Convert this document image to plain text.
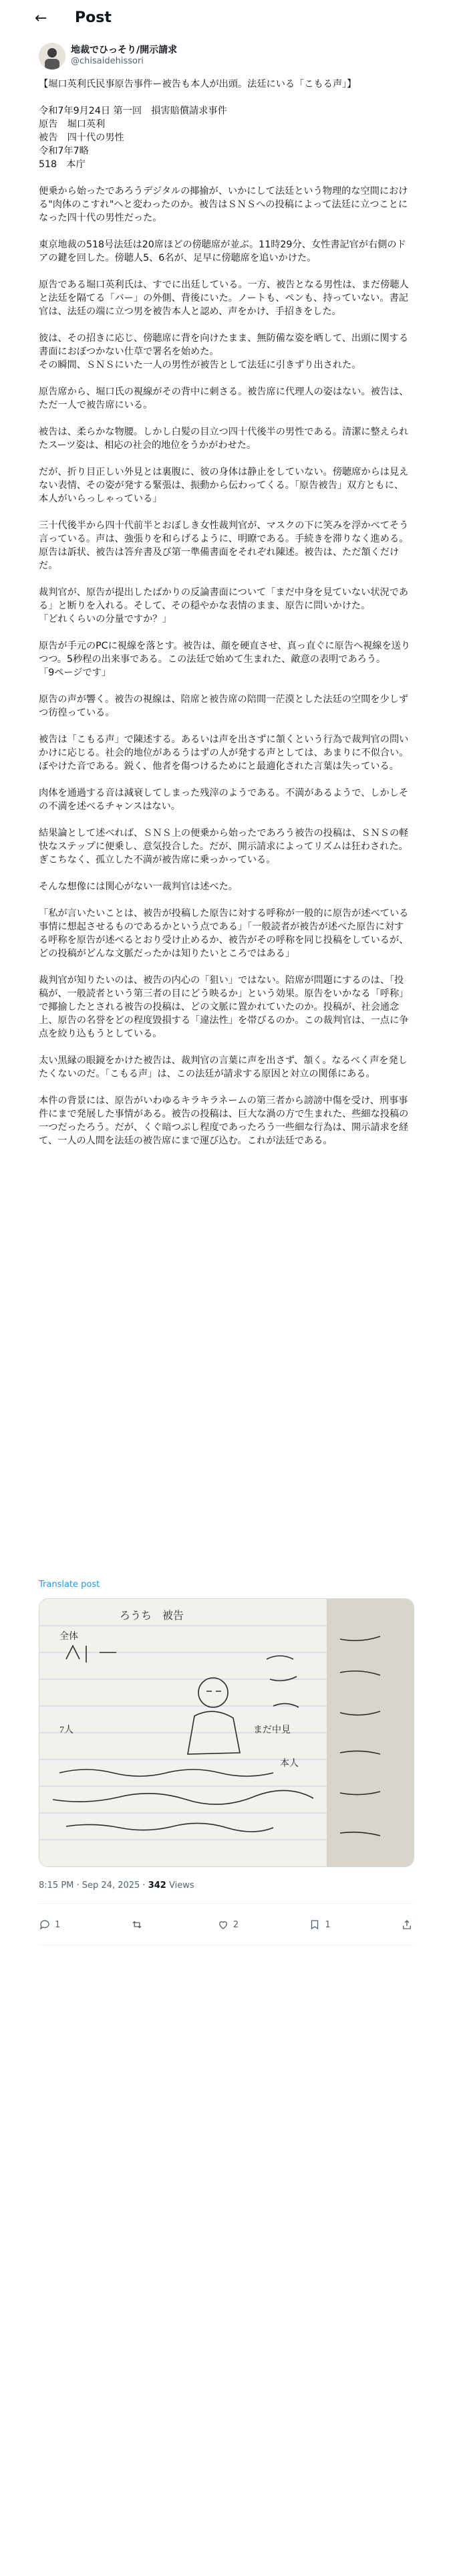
← Post
地裁でひっそり/開示請求
@chisaidehissori
【堀口英利氏民事原告事件ー被告も本人が出頭。法廷にいる「こもる声」】

令和7年9月24日 第一回　損害賠償請求事件
原告　堀口英利
被告　四十代の男性
令和7年7略
518　本庁

便乗から始ったであろうデジタルの揶揄が、いかにして法廷という物理的な空間における"肉体のこすれ"へと変わったのか。被告はＳＮＳへの投稿によって法廷に立つことになった四十代の男性だった。

東京地裁の518号法廷は20席ほどの傍聴席が並ぶ。11時29分、女性書記官が右側のドアの鍵を回した。傍聴人5、6名が、足早に傍聴席を追いかけた。

原告である堀口英利氏は、すでに出廷している。一方、被告となる男性は、まだ傍聴人と法廷を隔てる「バー」の外側、背後にいた。ノートも、ペンも、持っていない。書記官は、法廷の端に立つ男を被告本人と認め、声をかけ、手招きをした。

彼は、その招きに応じ、傍聴席に背を向けたまま、無防備な姿を晒して、出頭に関する書面におぼつかない仕草で署名を始めた。
その瞬間、ＳＮＳにいた一人の男性が被告として法廷に引きずり出された。

原告席から、堀口氏の視線がその背中に刺さる。被告席に代理人の姿はない。被告は、ただ一人で被告席にいる。

被告は、柔らかな物腰。しかし白髪の目立つ四十代後半の男性である。清潔に整えられたスーツ姿は、相応の社会的地位をうかがわせた。

だが、折り目正しい外見とは裏腹に、彼の身体は静止をしていない。傍聴席からは見えない表情、その姿が発する緊張は、振動から伝わってくる。「原告被告」双方ともに、本人がいらっしゃっている」

三十代後半から四十代前半とおぼしき女性裁判官が、マスクの下に笑みを浮かべてそう言っている。声は、強張りを和らげるように、明瞭である。手続きを滞りなく進める。原告は訴状、被告は答弁書及び第一準備書面をそれぞれ陳述。被告は、ただ頷くだけだ。

裁判官が、原告が提出したばかりの反論書面について「まだ中身を見ていない状況である」と断りを入れる。そして、その穏やかな表情のまま、原告に問いかけた。
「どれくらいの分量ですか？」

原告が手元のPCに視線を落とす。被告は、顔を硬直させ、真っ直ぐに原告へ視線を送りつつ。5秒程の出来事である。この法廷で始めて生まれた、敵意の表明であろう。
「9ページです」

原告の声が響く。被告の視線は、陪席と被告席の陪間一茫漠とした法廷の空間を少しずつ彷徨っている。

被告は「こもる声」で陳述する。あるいは声を出さずに頷くという行為で裁判官の問いかけに応じる。社会的地位があるうはずの人が発する声としては、あまりに不似合い。ぼやけた音である。鋭く、他者を傷つけるためにと最適化された言葉は失っている。

肉体を通過する音は減衰してしまった残滓のようである。不満があるようで、しかしその不満を述べるチャンスはない。

結果論として述べれば、ＳＮＳ上の便乗から始ったであろう被告の投稿は、ＳＮＳの軽快なステップに便乗し、意気投合した。だが、開示請求によってリズムは狂わされた。ぎこちなく、孤立した不満が被告席に乗っかっている。

そんな想像には関心がない一裁判官は述べた。

「私が言いたいことは、被告が投稿した原告に対する呼称が一般的に原告が述べている事情に想起させるものであるかという点である」「一般読者が被告が述べた原告に対する呼称を原告が述べるとおり受け止めるか、被告がその呼称を同じ投稿をしているが、どの投稿がどんな文脈だったかは知りたいところではある」

裁判官が知りたいのは、被告の内心の「狙い」ではない。陪席が問題にするのは、「投稿が、一般読者という第三者の目にどう映るか」という効果。原告をいかなる「呼称」で揶揄したとされる被告の投稿は、どの文脈に置かれていたのか。投稿が、社会通念上、原告の名誉をどの程度毀損する「違法性」を帯びるのか。この裁判官は、一点に争点を絞り込もうとしている。

太い黒縁の眼鏡をかけた被告は、裁判官の言葉に声を出さず、頷く。なるべく声を発したくないのだ。「こもる声」は、この法廷が請求する原因と対立の関係にある。

本件の背景には、原告がいわゆるキラキラネームの第三者から謗謗中傷を受け、刑事事件にまで発展した事情がある。被告の投稿は、巨大な渦の方で生まれた、些細な投稿の一つだったろう。だが、くぐ暗つぷし程度であったろう一些細な行為は、開示請求を経て、一人の人間を法廷の被告席にまで運び込む。これが法廷である。
Translate post
ろうち　被告
全体
まだ中見
7人
本人
8:15 PM · Sep 24, 2025 · 342 Views
1	2	1
